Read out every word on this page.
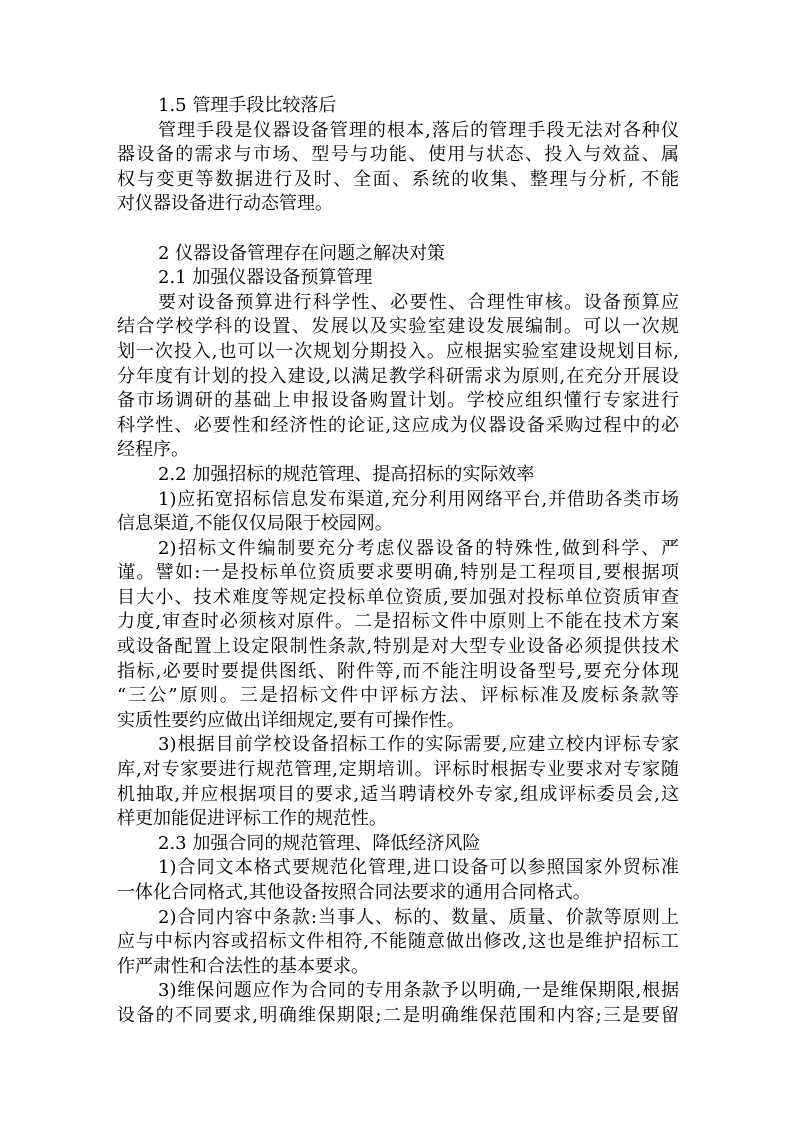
1.5 管理手段比较落后
管理手段是仪器设备管理的根本,落后的管理手段无法对各种仪
器设备的需求与市场、型号与功能、使用与状态、投入与效益、属
权与变更等数据进行及时、全面、系统的收集、整理与分析, 不能
对仪器设备进行动态管理。
2 仪器设备管理存在问题之解决对策
2.1 加强仪器设备预算管理
要对设备预算进行科学性、必要性、合理性审核。设备预算应
结合学校学科的设置、发展以及实验室建设发展编制。可以一次规
划一次投入,也可以一次规划分期投入。应根据实验室建设规划目标,
分年度有计划的投入建设,以满足教学科研需求为原则,在充分开展设
备市场调研的基础上申报设备购置计划。学校应组织懂行专家进行
科学性、必要性和经济性的论证,这应成为仪器设备采购过程中的必
经程序。
2.2 加强招标的规范管理、提高招标的实际效率
1)应拓宽招标信息发布渠道,充分利用网络平台,并借助各类市场
信息渠道,不能仅仅局限于校园网。
2)招标文件编制要充分考虑仪器设备的特殊性,做到科学、严
谨。譬如:一是投标单位资质要求要明确,特别是工程项目,要根据项
目大小、技术难度等规定投标单位资质,要加强对投标单位资质审查
力度,审查时必须核对原件。二是招标文件中原则上不能在技术方案
或设备配置上设定限制性条款,特别是对大型专业设备必须提供技术
指标,必要时要提供图纸、附件等,而不能注明设备型号,要充分体现
“三公”原则。三是招标文件中评标方法、评标标准及废标条款等
实质性要约应做出详细规定,要有可操作性。
3)根据目前学校设备招标工作的实际需要,应建立校内评标专家
库,对专家要进行规范管理,定期培训。评标时根据专业要求对专家随
机抽取,并应根据项目的要求,适当聘请校外专家,组成评标委员会,这
样更加能促进评标工作的规范性。
2.3 加强合同的规范管理、降低经济风险
1)合同文本格式要规范化管理,进口设备可以参照国家外贸标准
一体化合同格式,其他设备按照合同法要求的通用合同格式。
2)合同内容中条款:当事人、标的、数量、质量、价款等原则上
应与中标内容或招标文件相符,不能随意做出修改,这也是维护招标工
作严肃性和合法性的基本要求。
3)维保问题应作为合同的专用条款予以明确,一是维保期限,根据
设备的不同要求,明确维保期限;二是明确维保范围和内容;三是要留
